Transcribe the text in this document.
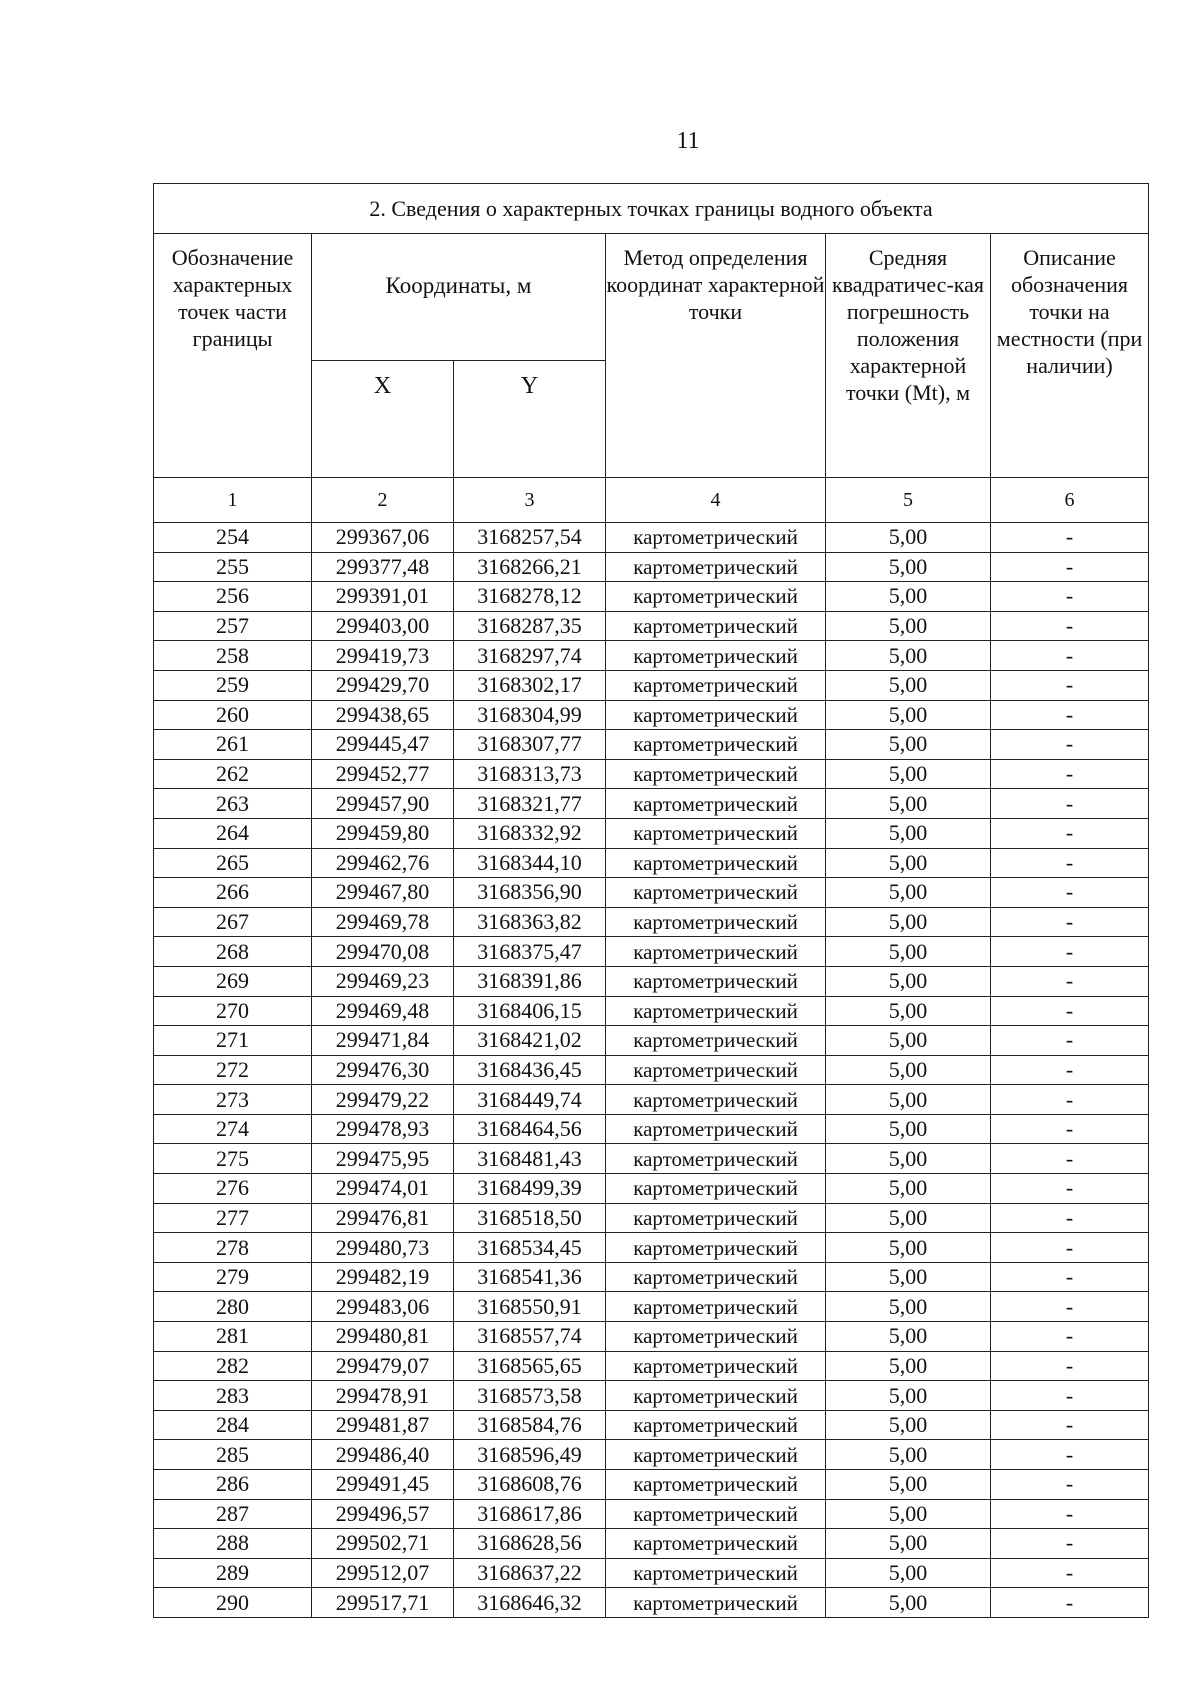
11
2. Сведения о характерных точках границы водного объекта					
Обозначение характерных точек части границы	Координаты, м		Метод определения координат характерной точки	Средняя квадратичес-кая погрешность положения характерной точки (Mt), м	Описание обозначения точки на местности (при наличии)
	X	Y			
1	2	3	4	5	6
254	299367,06	3168257,54	картометрический	5,00	-
255	299377,48	3168266,21	картометрический	5,00	-
256	299391,01	3168278,12	картометрический	5,00	-
257	299403,00	3168287,35	картометрический	5,00	-
258	299419,73	3168297,74	картометрический	5,00	-
259	299429,70	3168302,17	картометрический	5,00	-
260	299438,65	3168304,99	картометрический	5,00	-
261	299445,47	3168307,77	картометрический	5,00	-
262	299452,77	3168313,73	картометрический	5,00	-
263	299457,90	3168321,77	картометрический	5,00	-
264	299459,80	3168332,92	картометрический	5,00	-
265	299462,76	3168344,10	картометрический	5,00	-
266	299467,80	3168356,90	картометрический	5,00	-
267	299469,78	3168363,82	картометрический	5,00	-
268	299470,08	3168375,47	картометрический	5,00	-
269	299469,23	3168391,86	картометрический	5,00	-
270	299469,48	3168406,15	картометрический	5,00	-
271	299471,84	3168421,02	картометрический	5,00	-
272	299476,30	3168436,45	картометрический	5,00	-
273	299479,22	3168449,74	картометрический	5,00	-
274	299478,93	3168464,56	картометрический	5,00	-
275	299475,95	3168481,43	картометрический	5,00	-
276	299474,01	3168499,39	картометрический	5,00	-
277	299476,81	3168518,50	картометрический	5,00	-
278	299480,73	3168534,45	картометрический	5,00	-
279	299482,19	3168541,36	картометрический	5,00	-
280	299483,06	3168550,91	картометрический	5,00	-
281	299480,81	3168557,74	картометрический	5,00	-
282	299479,07	3168565,65	картометрический	5,00	-
283	299478,91	3168573,58	картометрический	5,00	-
284	299481,87	3168584,76	картометрический	5,00	-
285	299486,40	3168596,49	картометрический	5,00	-
286	299491,45	3168608,76	картометрический	5,00	-
287	299496,57	3168617,86	картометрический	5,00	-
288	299502,71	3168628,56	картометрический	5,00	-
289	299512,07	3168637,22	картометрический	5,00	-
290	299517,71	3168646,32	картометрический	5,00	-
